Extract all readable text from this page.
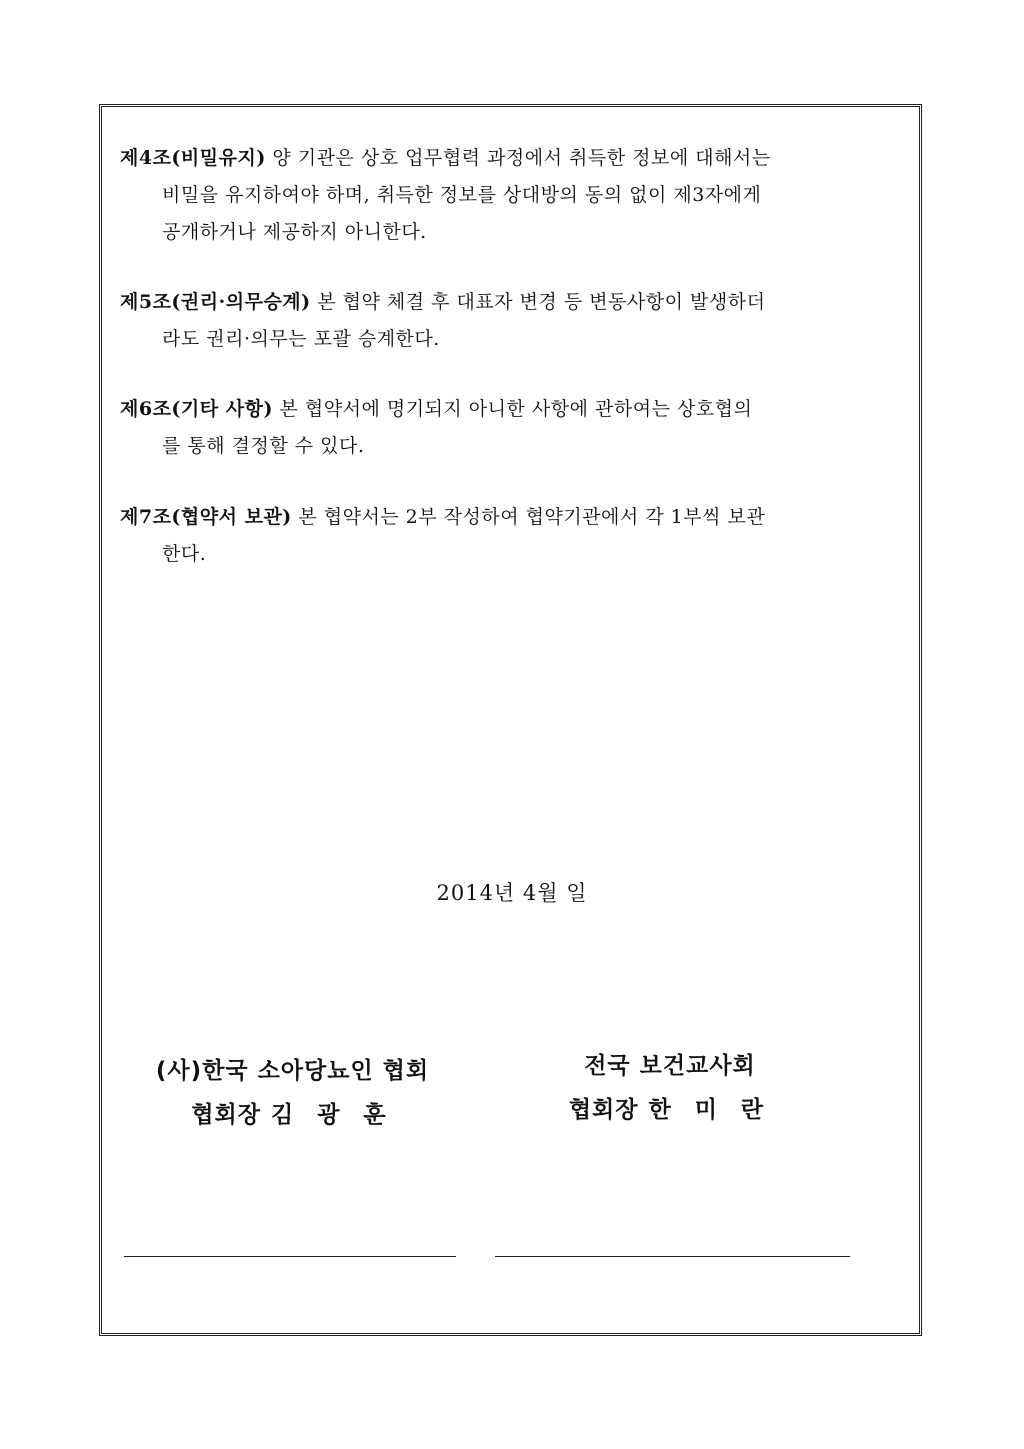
제4조(비밀유지) 양 기관은 상호 업무협력 과정에서 취득한 정보에 대해서는
비밀을 유지하여야 하며, 취득한 정보를 상대방의 동의 없이 제3자에게
공개하거나 제공하지 아니한다.
제5조(권리·의무승계) 본 협약 체결 후 대표자 변경 등 변동사항이 발생하더
라도 권리·의무는 포괄 승계한다.
제6조(기타 사항) 본 협약서에 명기되지 아니한 사항에 관하여는 상호협의
를 통해 결정할 수 있다.
제7조(협약서 보관) 본 협약서는 2부 작성하여 협약기관에서 각 1부씩 보관
한다.
2014년 4월 일
(사)한국 소아당뇨인 협회
협회장 김 광 훈
전국 보건교사회
협회장 한 미 란
